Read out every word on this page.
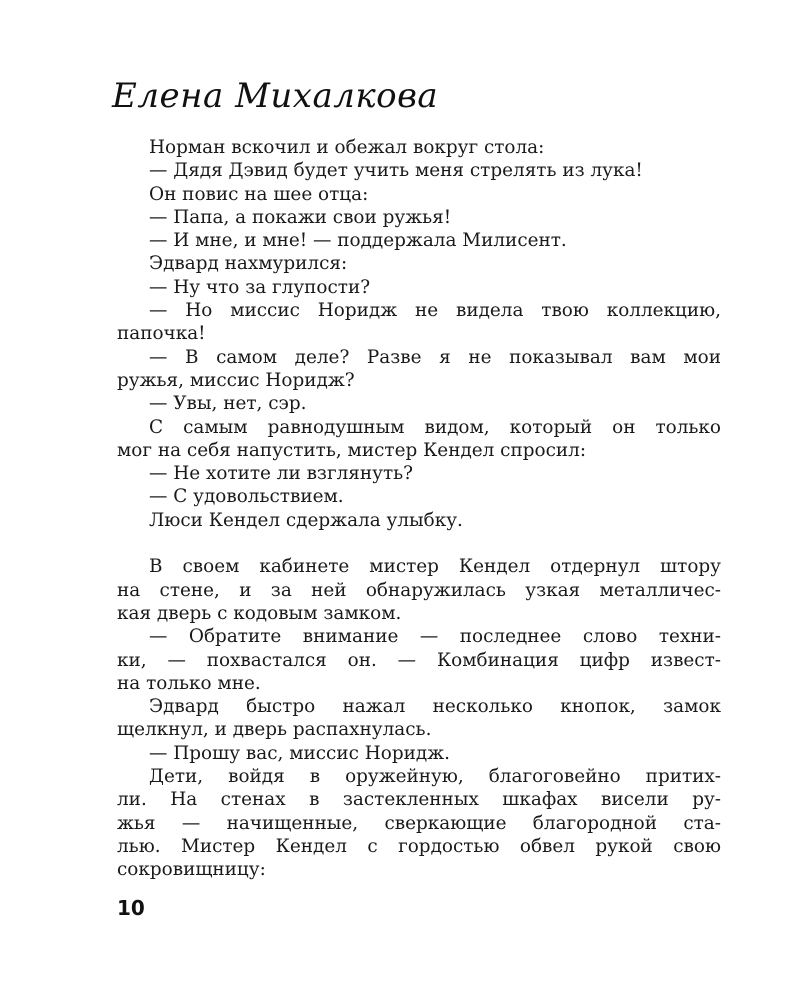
Елена Михалкова
Норман вскочил и обежал вокруг стола:
— Дядя Дэвид будет учить меня стрелять из лука!
Он повис на шее отца:
— Папа, а покажи свои ружья!
— И мне, и мне! — поддержала Милисент.
Эдвард нахмурился:
— Ну что за глупости?
— Но миссис Норидж не видела твою коллекцию,
папочка!
— В самом деле? Разве я не показывал вам мои
ружья, миссис Норидж?
— Увы, нет, сэр.
С самым равнодушным видом, который он только
мог на себя напустить, мистер Кендел спросил:
— Не хотите ли взглянуть?
— С удовольствием.
Люси Кендел сдержала улыбку.
В своем кабинете мистер Кендел отдернул штору
на стене, и за ней обнаружилась узкая металличес-
кая дверь с кодовым замком.
— Обратите внимание — последнее слово техни-
ки, — похвастался он. — Комбинация цифр извест-
на только мне.
Эдвард быстро нажал несколько кнопок, замок
щелкнул, и дверь распахнулась.
— Прошу вас, миссис Норидж.
Дети, войдя в оружейную, благоговейно притих-
ли. На стенах в застекленных шкафах висели ру-
жья — начищенные, сверкающие благородной ста-
лью. Мистер Кендел с гордостью обвел рукой свою
сокровищницу:
10
